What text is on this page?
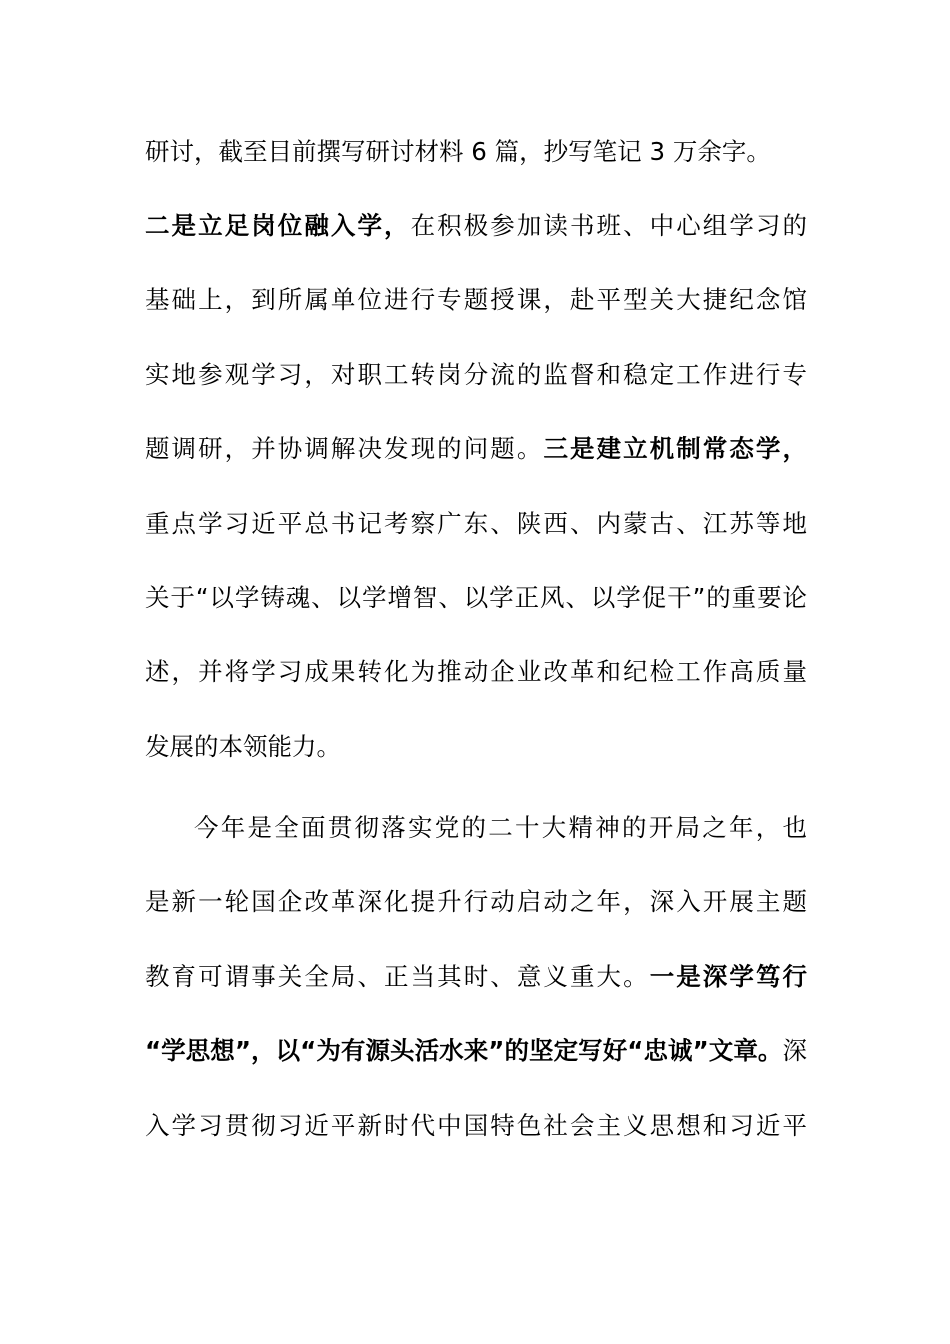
研讨，截至目前撰写研讨材料 6 篇，抄写笔记 3 万余字。
二是立足岗位融入学，在积极参加读书班、中心组学习的
基础上，到所属单位进行专题授课，赴平型关大捷纪念馆
实地参观学习，对职工转岗分流的监督和稳定工作进行专
题调研，并协调解决发现的问题。三是建立机制常态学，
重点学习近平总书记考察广东、陕西、内蒙古、江苏等地
关于“以学铸魂、以学增智、以学正风、以学促干”的重要论
述，并将学习成果转化为推动企业改革和纪检工作高质量
发展的本领能力。
今年是全面贯彻落实党的二十大精神的开局之年，也
是新一轮国企改革深化提升行动启动之年，深入开展主题
教育可谓事关全局、正当其时、意义重大。一是深学笃行
“学思想”，以“为有源头活水来”的坚定写好“忠诚”文章。深
入学习贯彻习近平新时代中国特色社会主义思想和习近平
